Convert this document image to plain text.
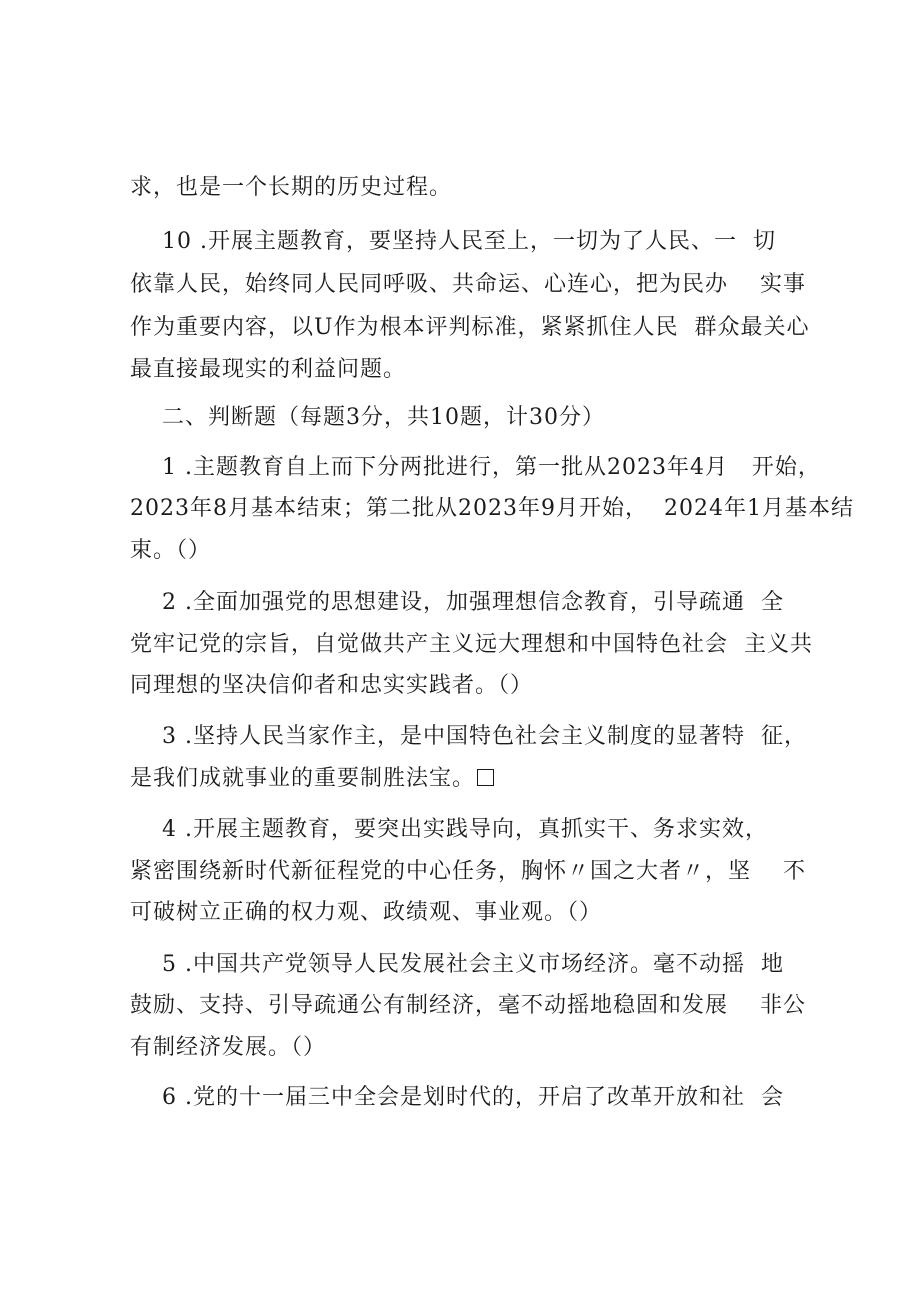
求，也是一个长期的历史过程。
10 .开展主题教育，要坚持人民至上，一切为了人民、一  切
依靠人民，始终同人民同呼吸、共命运、心连心，把为民办    实事
作为重要内容，以U作为根本评判标准，紧紧抓住人民  群众最关心
最直接最现实的利益问题。
二、判断题（每题3分，共10题，计30分）
1 .主题教育自上而下分两批进行，第一批从2023年4月   开始，
2023年8月基本结束；第二批从2023年9月开始，  2024年1月基本结
束。（）
2 .全面加强党的思想建设，加强理想信念教育，引导疏通  全
党牢记党的宗旨，自觉做共产主义远大理想和中国特色社会  主义共
同理想的坚决信仰者和忠实实践者。（）
3 .坚持人民当家作主，是中国特色社会主义制度的显著特  征，
是我们成就事业的重要制胜法宝。
4 .开展主题教育，要突出实践导向，真抓实干、务求实效，
紧密围绕新时代新征程党的中心任务，胸怀〃国之大者〃，坚    不
可破树立正确的权力观、政绩观、事业观。（）
5 .中国共产党领导人民发展社会主义市场经济。毫不动摇  地
鼓励、支持、引导疏通公有制经济，毫不动摇地稳固和发展    非公
有制经济发展。（）
6 .党的十一届三中全会是划时代的，开启了改革开放和社  会
